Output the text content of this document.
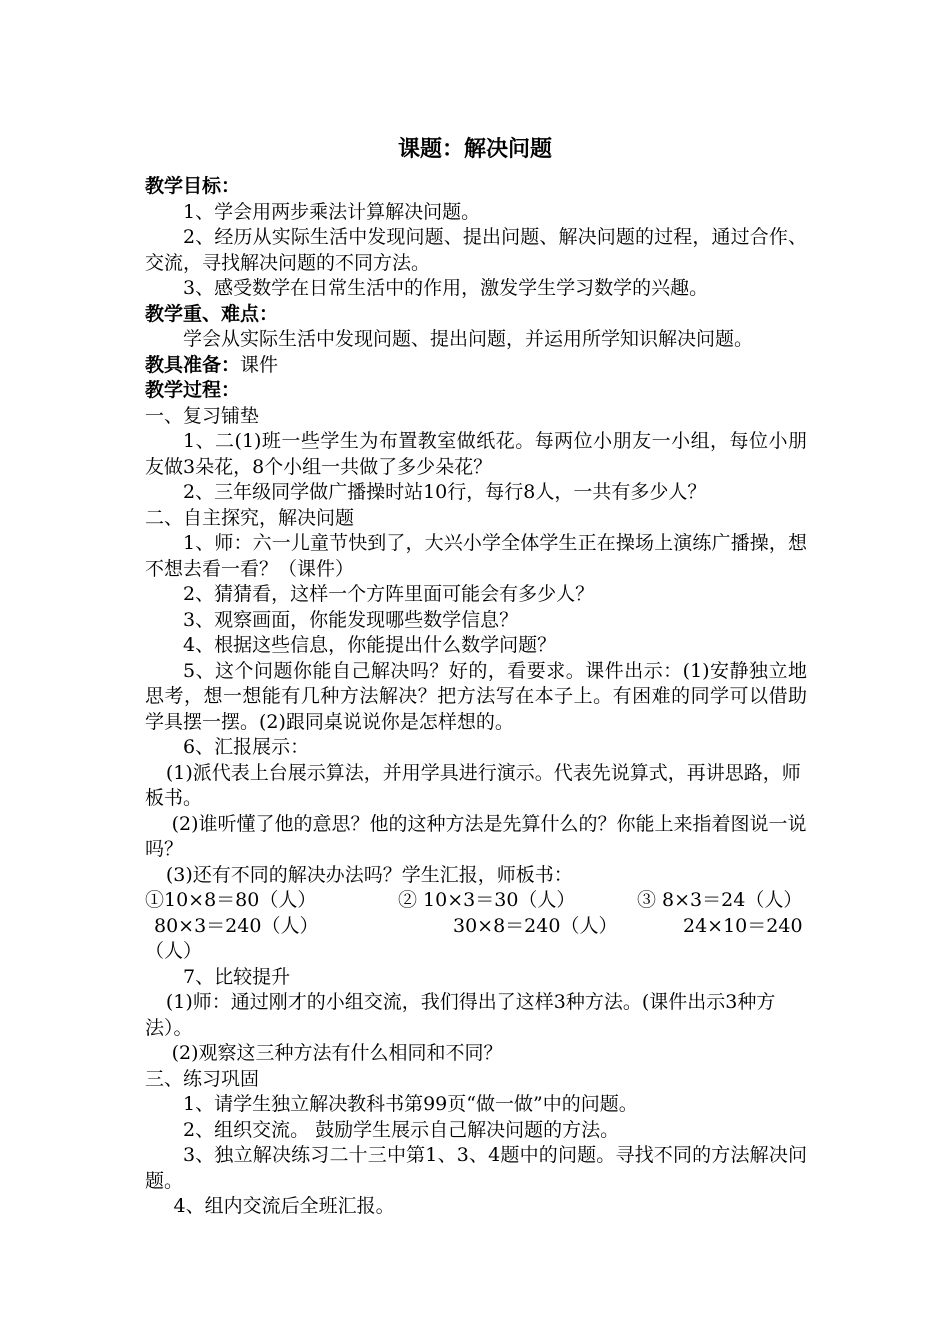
课题：解决问题

教学目标：

1、学会用两步乘法计算解决问题。

2、经历从实际生活中发现问题、提出问题、解决问题的过程，通过合作、交流，寻找解决问题的不同方法。

3、感受数学在日常生活中的作用，激发学生学习数学的兴趣。

教学重、难点：

学会从实际生活中发现问题、提出问题，并运用所学知识解决问题。

教具准备：课件

教学过程：

一、复习铺垫

1、二(1)班一些学生为布置教室做纸花。每两位小朋友一小组，每位小朋友做3朵花，8个小组一共做了多少朵花？

2、三年级同学做广播操时站10行，每行8人，一共有多少人？

二、自主探究，解决问题

1、师：六一儿童节快到了，大兴小学全体学生正在操场上演练广播操，想不想去看一看？（课件）

2、猜猜看，这样一个方阵里面可能会有多少人？

3、观察画面，你能发现哪些数学信息？

4、根据这些信息，你能提出什么数学问题？

5、这个问题你能自己解决吗？好的，看要求。课件出示：(1)安静独立地思考，想一想能有几种方法解决？把方法写在本子上。有困难的同学可以借助学具摆一摆。(2)跟同桌说说你是怎样想的。

6、汇报展示：

(1)派代表上台展示算法，并用学具进行演示。代表先说算式，再讲思路，师板书。

(2)谁听懂了他的意思？他的这种方法是先算什么的？你能上来指着图说一说吗？

(3)还有不同的解决办法吗？学生汇报，师板书：

①10×8＝80（人）	② 10×3＝30（人）	③ 8×3＝24（人）
80×3＝240（人）	30×8＝240（人）	24×10＝240

（人）

7、比较提升

(1)师：通过刚才的小组交流，我们得出了这样3种方法。(课件出示3种方法）。

(2)观察这三种方法有什么相同和不同？

三、练习巩固

1、请学生独立解决教科书第99页“做一做”中的问题。

2、组织交流。 鼓励学生展示自己解决问题的方法。

3、独立解决练习二十三中第1、3、4题中的问题。寻找不同的方法解决问题。

4、组内交流后全班汇报。
